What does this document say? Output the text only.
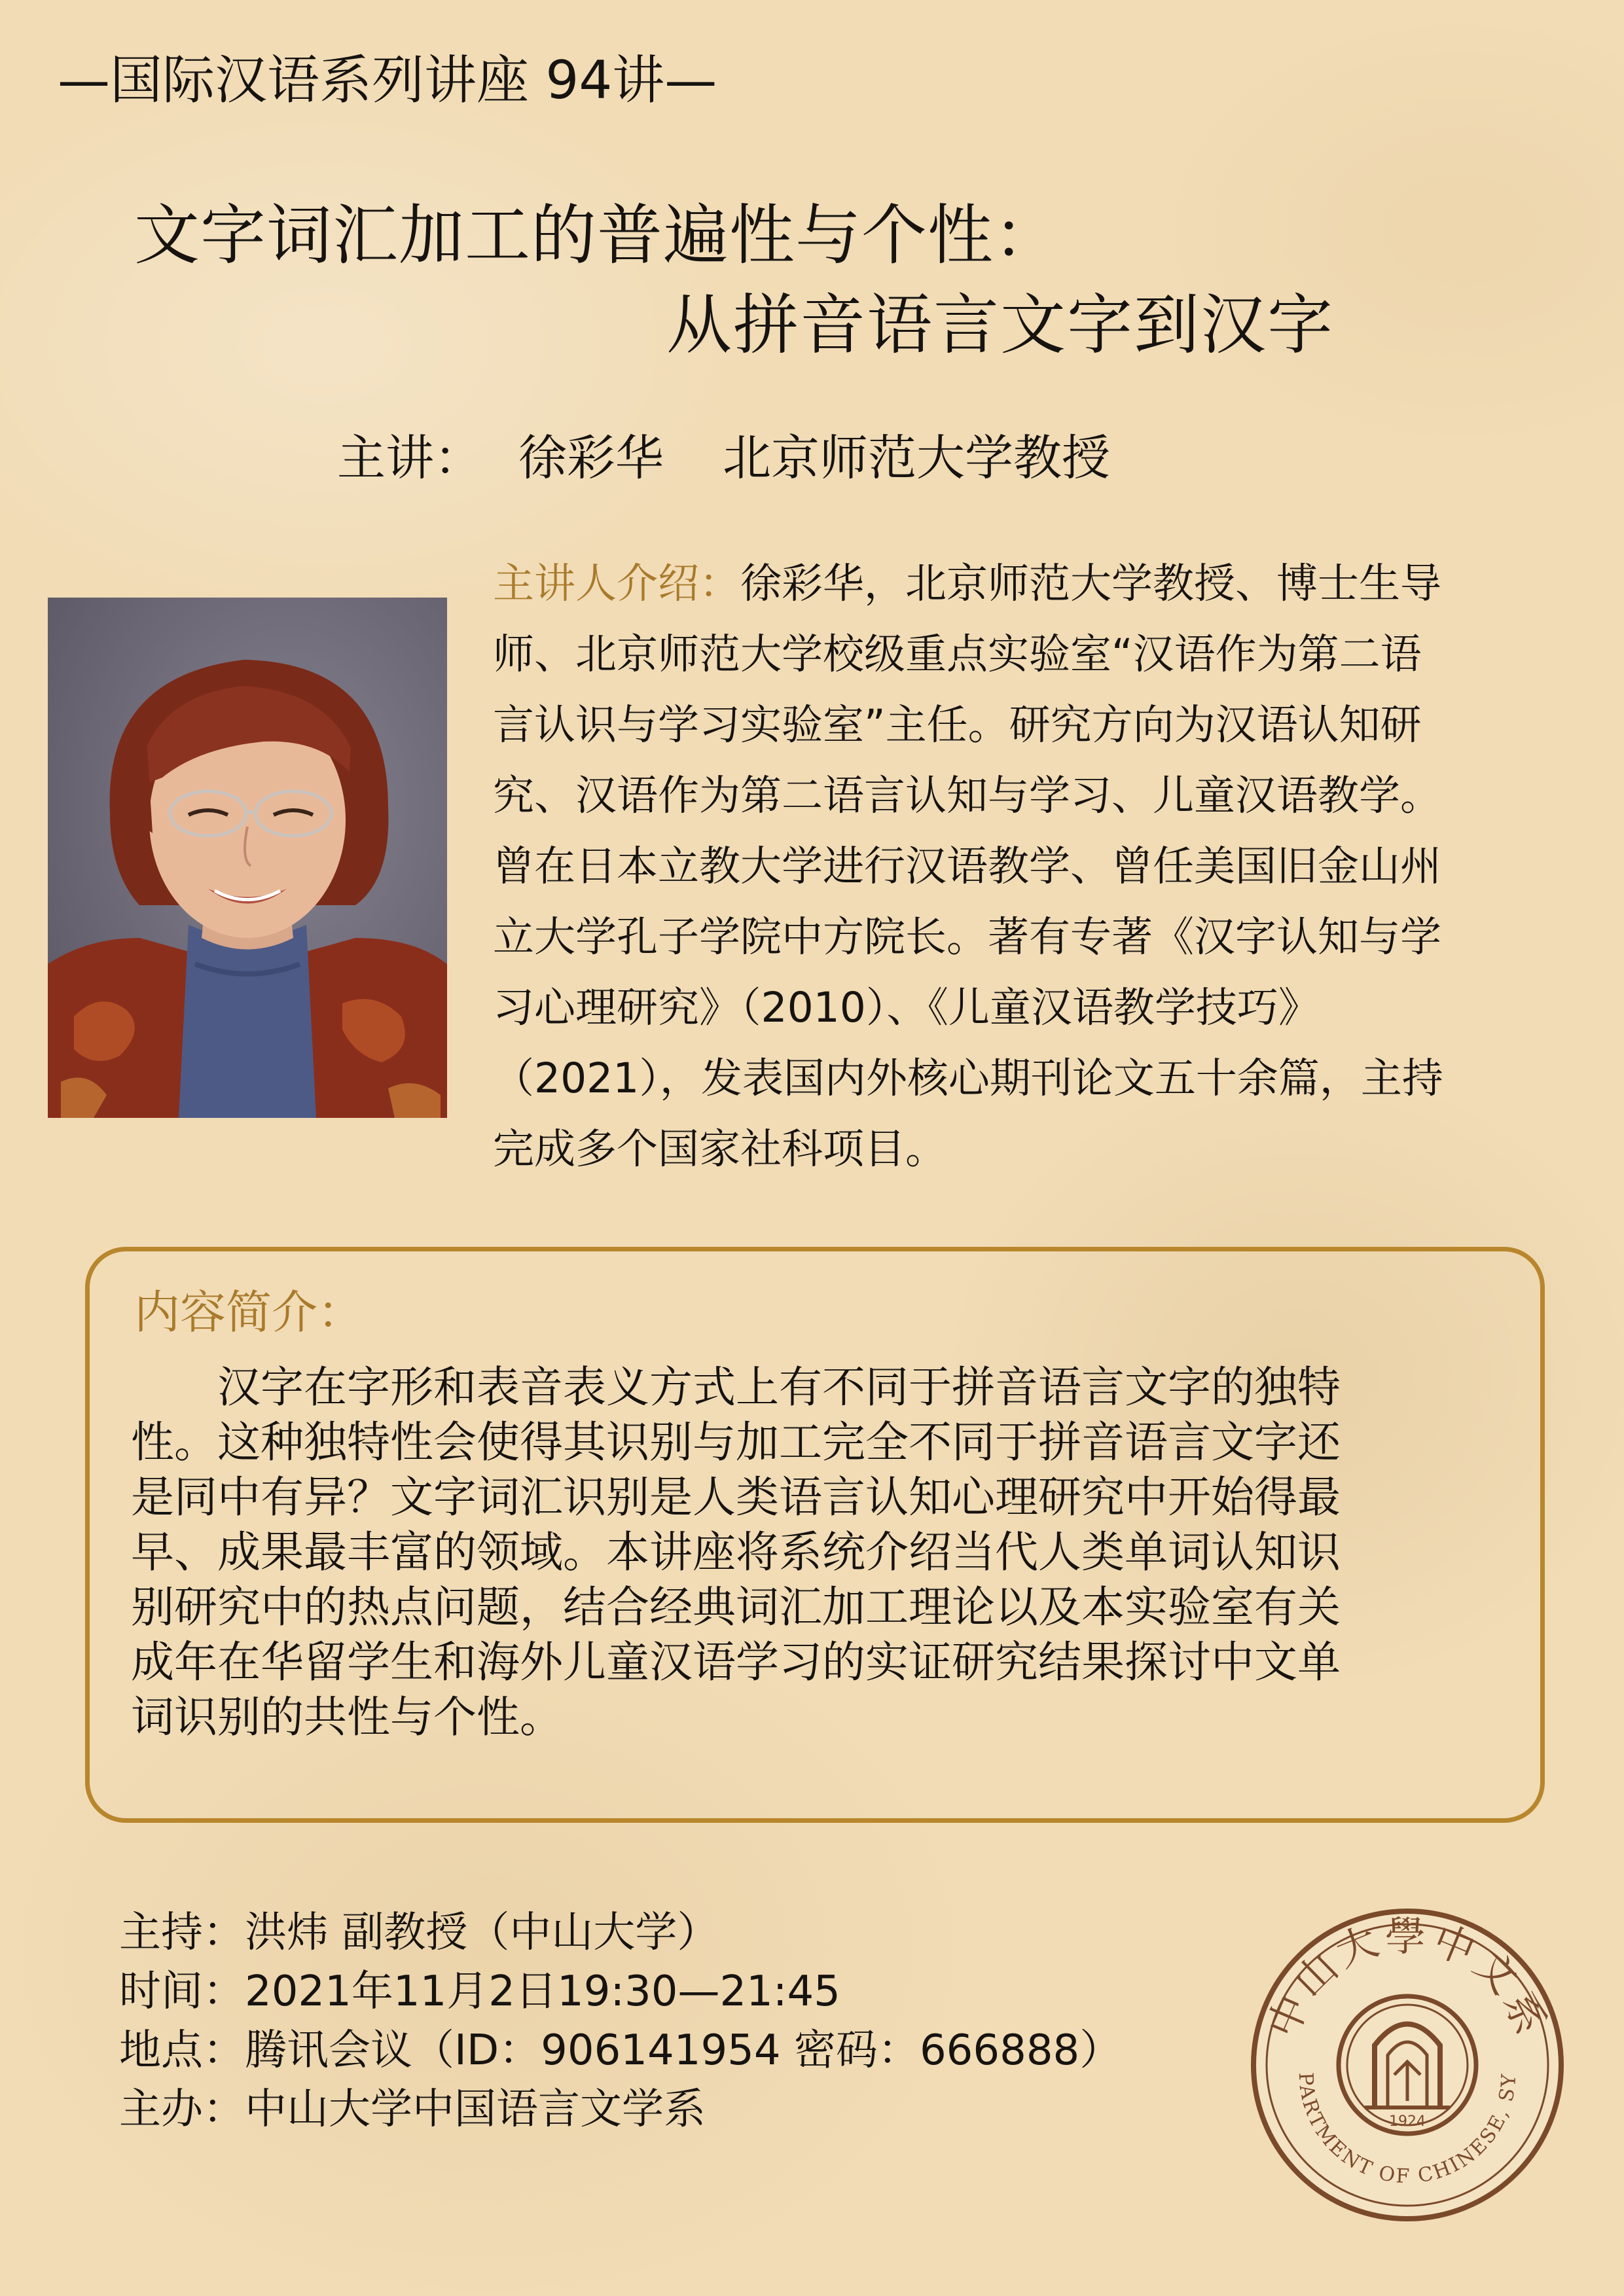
—国际汉语系列讲座 94讲—
文字词汇加工的普遍性与个性：
从拼音语言文字到汉字
主讲： 徐彩华 北京师范大学教授
主讲人介绍：徐彩华，北京师范大学教授、博士生导
师、北京师范大学校级重点实验室“汉语作为第二语
言认识与学习实验室”主任。研究方向为汉语认知研
究、汉语作为第二语言认知与学习、儿童汉语教学。
曾在日本立教大学进行汉语教学、曾任美国旧金山州
立大学孔子学院中方院长。著有专著《汉字认知与学
习心理研究》（2010）、《儿童汉语教学技巧》
（2021），发表国内外核心期刊论文五十余篇，主持
完成多个国家社科项目。
内容简介：
　　汉字在字形和表音表义方式上有不同于拼音语言文字的独特
性。这种独特性会使得其识别与加工完全不同于拼音语言文字还
是同中有异？文字词汇识别是人类语言认知心理研究中开始得最
早、成果最丰富的领域。本讲座将系统介绍当代人类单词认知识
别研究中的热点问题，结合经典词汇加工理论以及本实验室有关
成年在华留学生和海外儿童汉语学习的实证研究结果探讨中文单
词识别的共性与个性。
主持：洪炜 副教授（中山大学）
时间：2021年11月2日19:30—21:45
地点：腾讯会议（ID：906141954 密码：666888）
主办：中山大学中国语言文学系
中山大學中文系
PARTMENT OF CHINESE, SY
1924
